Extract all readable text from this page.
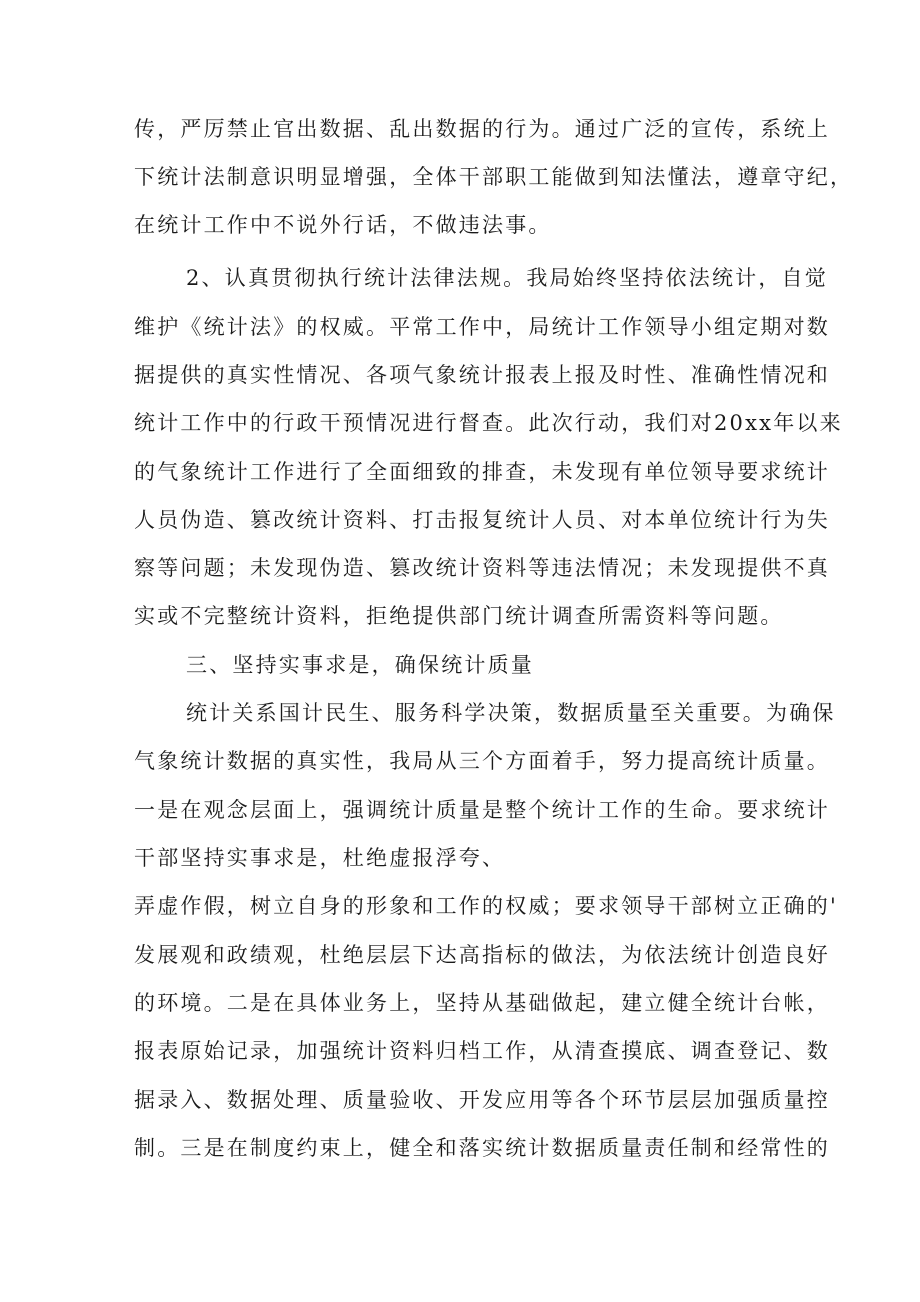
传，严厉禁止官出数据、乱出数据的行为。通过广泛的宣传，系统上

下统计法制意识明显增强，全体干部职工能做到知法懂法，遵章守纪，

在统计工作中不说外行话，不做违法事。

2、认真贯彻执行统计法律法规。我局始终坚持依法统计，自觉

维护《统计法》的权威。平常工作中，局统计工作领导小组定期对数

据提供的真实性情况、各项气象统计报表上报及时性、准确性情况和

统计工作中的行政干预情况进行督查。此次行动，我们对20xx年以来

的气象统计工作进行了全面细致的排查，未发现有单位领导要求统计

人员伪造、篡改统计资料、打击报复统计人员、对本单位统计行为失

察等问题；未发现伪造、篡改统计资料等违法情况；未发现提供不真

实或不完整统计资料，拒绝提供部门统计调查所需资料等问题。

三、坚持实事求是，确保统计质量

统计关系国计民生、服务科学决策，数据质量至关重要。为确保

气象统计数据的真实性，我局从三个方面着手，努力提高统计质量。

一是在观念层面上，强调统计质量是整个统计工作的生命。要求统计

干部坚持实事求是，杜绝虚报浮夸、

弄虚作假，树立自身的形象和工作的权威；要求领导干部树立正确的'

发展观和政绩观，杜绝层层下达高指标的做法，为依法统计创造良好

的环境。二是在具体业务上，坚持从基础做起，建立健全统计台帐，

报表原始记录，加强统计资料归档工作，从清查摸底、调查登记、数

据录入、数据处理、质量验收、开发应用等各个环节层层加强质量控

制。三是在制度约束上，健全和落实统计数据质量责任制和经常性的
